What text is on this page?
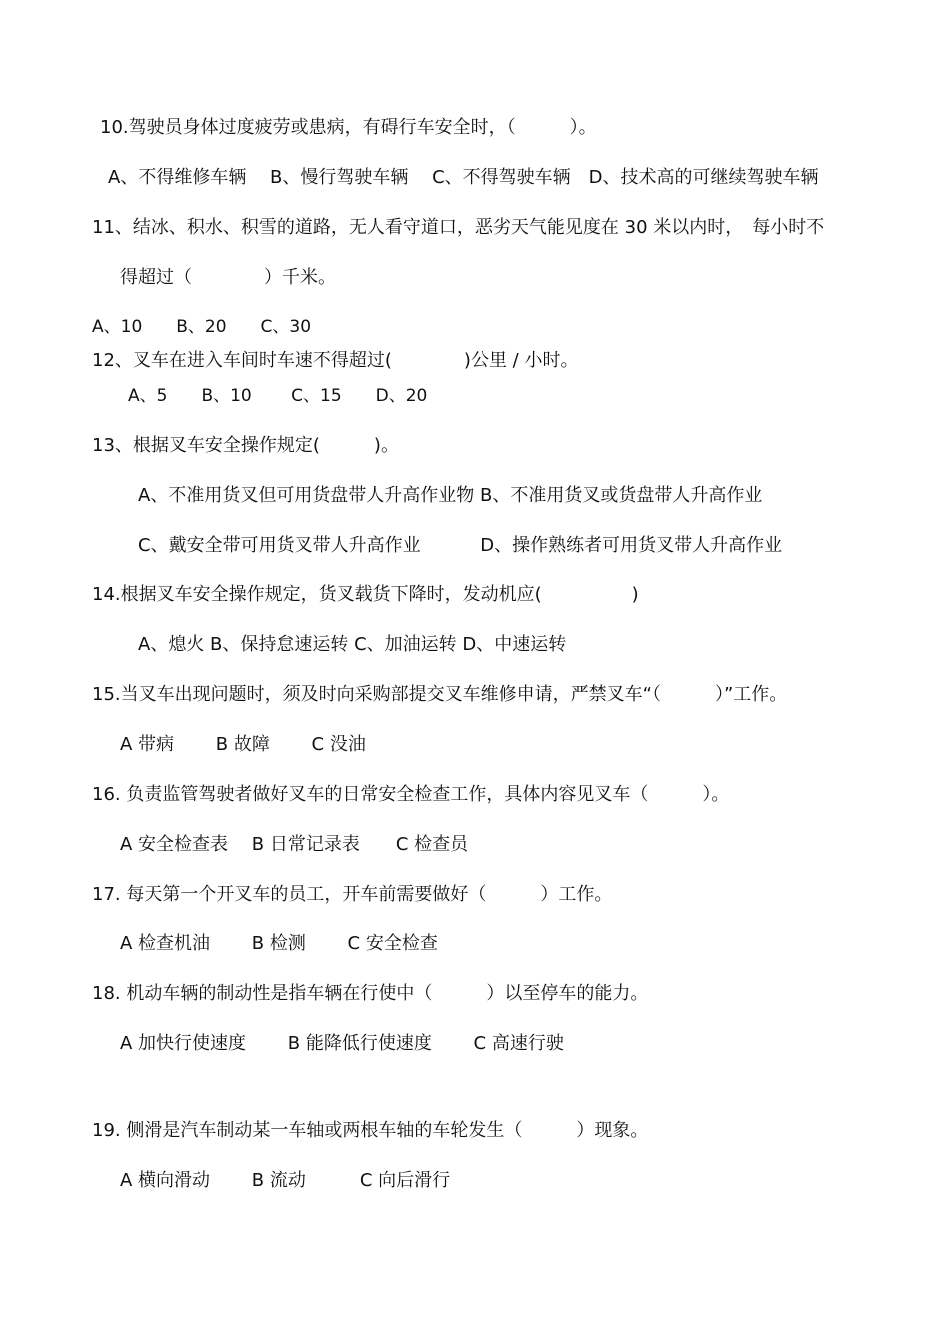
10.驾驶员身体过度疲劳或患病，有碍行车安全时，（　　　）。
A、不得维修车辆　 B、慢行驾驶车辆　 C、不得驾驶车辆　D、技术高的可继续驾驶车辆
11、结冰、积水、积雪的道路，无人看守道口，恶劣天气能见度在 30 米以内时，　每小时不
得超过（　　　　）千米。
A、10　　B、20　　C、30
12、叉车在进入车间时车速不得超过(　　　　)公里 / 小时。
A、5　　B、10　　 C、15　　D、20
13、根据叉车安全操作规定(　　　)。
A、不准用货叉但可用货盘带人升高作业物 B、不准用货叉或货盘带人升高作业
C、戴安全带可用货叉带人升高作业　　　 D、操作熟练者可用货叉带人升高作业
14.根据叉车安全操作规定，货叉载货下降时，发动机应(　　　　　)
A、熄火 B、保持怠速运转 C、加油运转 D、中速运转
15.当叉车出现问题时，须及时向采购部提交叉车维修申请，严禁叉车“（　　　）”工作。
A 带病　　 B 故障　　 C 没油
16. 负责监管驾驶者做好叉车的日常安全检查工作，具体内容见叉车（　　　）。
A 安全检查表　 B 日常记录表　　C 检查员
17. 每天第一个开叉车的员工，开车前需要做好（　　　）工作。
A 检查机油　　 B 检测　　 C 安全检查
18. 机动车辆的制动性是指车辆在行使中（　　　）以至停车的能力。
A 加快行使速度　　 B 能降低行使速度　　 C 高速行驶
19. 侧滑是汽车制动某一车轴或两根车轴的车轮发生（　　　）现象。
A 横向滑动　　 B 流动　　　C 向后滑行
